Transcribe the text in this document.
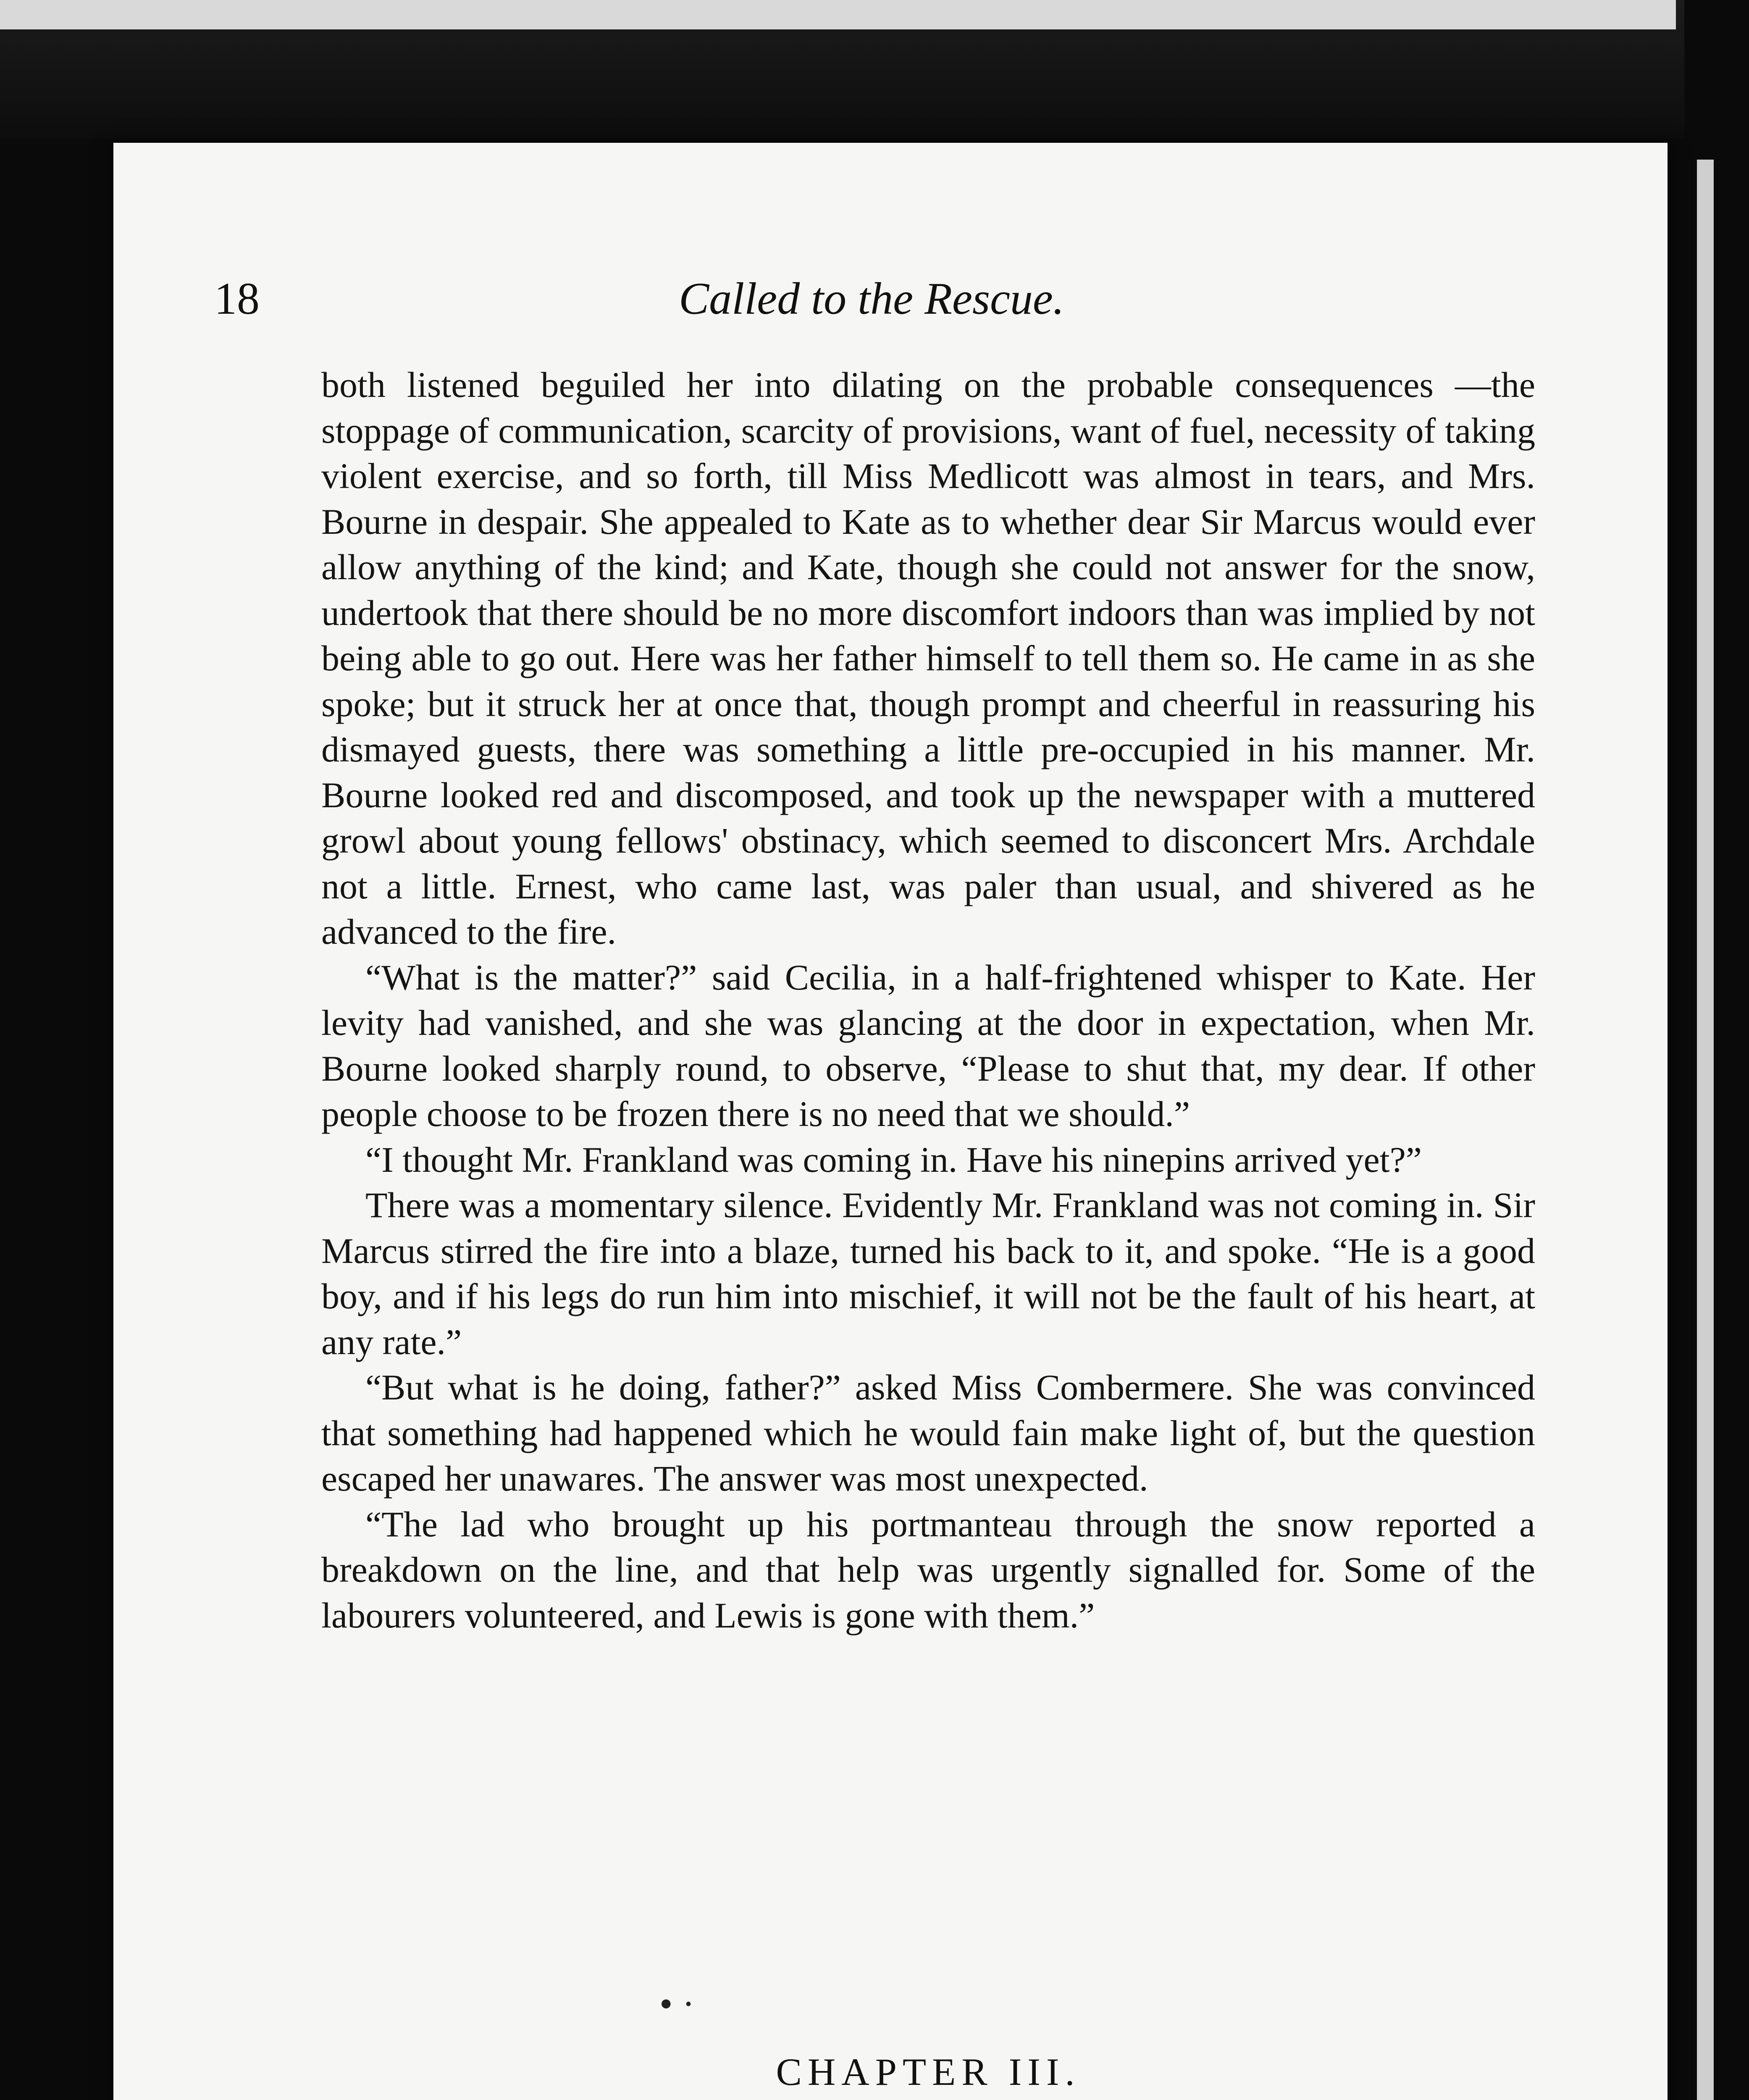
18	Called to the Rescue.

both listened beguiled her into dilating on the probable consequences —the stoppage of communication, scarcity of provisions, want of fuel, necessity of taking violent exercise, and so forth, till Miss Medlicott was almost in tears, and Mrs. Bourne in despair. She appealed to Kate as to whether dear Sir Marcus would ever allow anything of the kind; and Kate, though she could not answer for the snow, undertook that there should be no more discomfort indoors than was implied by not being able to go out. Here was her father himself to tell them so. He came in as she spoke; but it struck her at once that, though prompt and cheerful in reassuring his dismayed guests, there was something a little pre-occupied in his manner. Mr. Bourne looked red and discomposed, and took up the newspaper with a muttered growl about young fellows' obstinacy, which seemed to disconcert Mrs. Archdale not a little. Ernest, who came last, was paler than usual, and shivered as he advanced to the fire.

“What is the matter?” said Cecilia, in a half-frightened whisper to Kate. Her levity had vanished, and she was glancing at the door in expectation, when Mr. Bourne looked sharply round, to observe, “Please to shut that, my dear. If other people choose to be frozen there is no need that we should.”

“I thought Mr. Frankland was coming in. Have his ninepins arrived yet?”

There was a momentary silence. Evidently Mr. Frankland was not coming in. Sir Marcus stirred the fire into a blaze, turned his back to it, and spoke. “He is a good boy, and if his legs do run him into mischief, it will not be the fault of his heart, at any rate.”

“But what is he doing, father?” asked Miss Combermere. She was convinced that something had happened which he would fain make light of, but the question escaped her unawares. The answer was most unexpected.

“The lad who brought up his portmanteau through the snow reported a breakdown on the line, and that help was urgently signalled for. Some of the labourers volunteered, and Lewis is gone with them.”

• ·
CHAPTER III.
